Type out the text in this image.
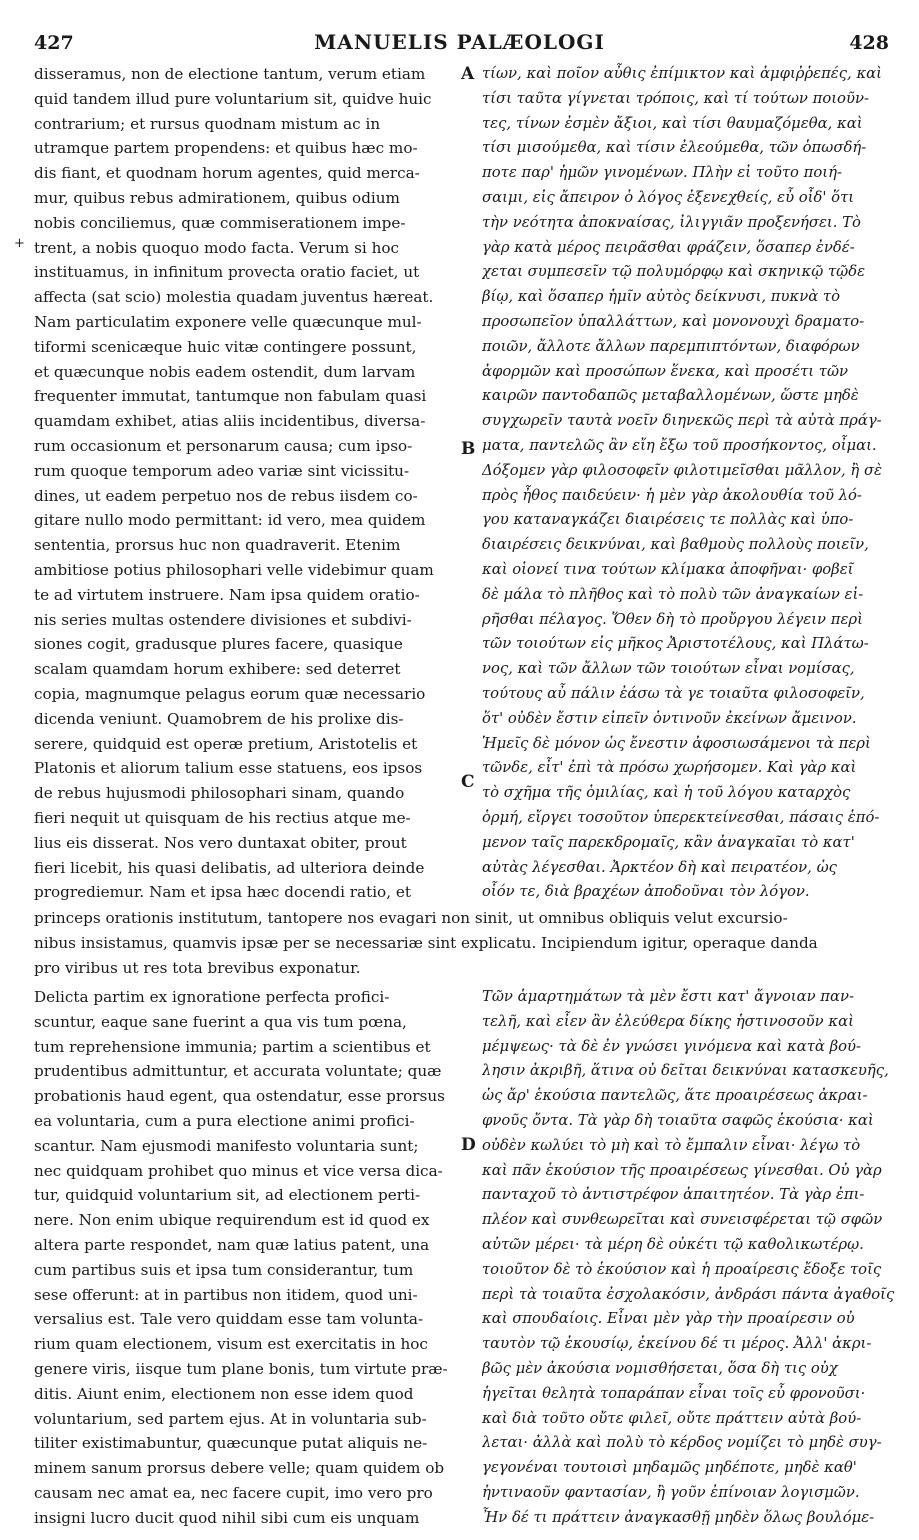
427	MANUELIS PALÆOLOGI	428
disseramus, non de electione tantum, verum etiam
quid tandem illud pure voluntarium sit, quidve huic
contrarium; et rursus quodnam mistum ac in
utramque partem propendens: et quibus hæc mo-
dis fiant, et quodnam horum agentes, quid merca-
mur, quibus rebus admirationem, quibus odium
nobis conciliemus, quæ commiserationem impe-
trent, a nobis quoquo modo facta. Verum si hoc
instituamus, in infinitum provecta oratio faciet, ut
affecta (sat scio) molestia quadam juventus hæreat.
Nam particulatim exponere velle quæcunque mul-
tiformi scenicæque huic vitæ contingere possunt,
et quæcunque nobis eadem ostendit, dum larvam
frequenter immutat, tantumque non fabulam quasi
quamdam exhibet, atias aliis incidentibus, diversa-
rum occasionum et personarum causa; cum ipso-
rum quoque temporum adeo variæ sint vicissitu-
dines, ut eadem perpetuo nos de rebus iisdem co-
gitare nullo modo permittant: id vero, mea quidem
sententia, prorsus huc non quadraverit. Etenim
ambitiose potius philosophari velle videbimur quam
te ad virtutem instruere. Nam ipsa quidem oratio-
nis series multas ostendere divisiones et subdivi-
siones cogit, gradusque plures facere, quasique
scalam quamdam horum exhibere: sed deterret
copia, magnumque pelagus eorum quæ necessario
dicenda veniunt. Quamobrem de his prolixe dis-
serere, quidquid est operæ pretium, Aristotelis et
Platonis et aliorum talium esse statuens, eos ipsos
de rebus hujusmodi philosophari sinam, quando
fieri nequit ut quisquam de his rectius atque me-
lius eis disserat. Nos vero duntaxat obiter, prout
fieri licebit, his quasi delibatis, ad ulteriora deinde
progrediemur. Nam et ipsa hæc docendi ratio, et
τίων, καὶ ποῖον αὖθις ἐπίμικτον καὶ ἀμφιῤῥεπές, καὶ
τίσι ταῦτα γίγνεται τρόποις, καὶ τί τούτων ποιοῦν-
τες, τίνων ἐσμὲν ἄξιοι, καὶ τίσι θαυμαζόμεθα, καὶ
τίσι μισούμεθα, καὶ τίσιν ἐλεούμεθα, τῶν ὁπωσδή-
ποτε παρ' ἡμῶν γινομένων. Πλὴν εἰ τοῦτο ποιή-
σαιμι, εἰς ἄπειρον ὁ λόγος ἐξενεχθείς, εὖ οἶδ' ὅτι
τὴν νεότητα ἀποκναίσας, ἰλιγγιᾶν προξενήσει. Τὸ
γὰρ κατὰ μέρος πειρᾶσθαι φράζειν, ὅσαπερ ἐνδέ-
χεται συμπεσεῖν τῷ πολυμόρφῳ καὶ σκηνικῷ τῷδε
βίῳ, καὶ ὅσαπερ ἡμῖν αὐτὸς δείκνυσι, πυκνὰ τὸ
προσωπεῖον ὑπαλλάττων, καὶ μονονουχὶ δραματο-
ποιῶν, ἄλλοτε ἄλλων παρεμπιπτόντων, διαφόρων
ἀφορμῶν καὶ προσώπων ἕνεκα, καὶ προσέτι τῶν
καιρῶν παντοδαπῶς μεταβαλλομένων, ὥστε μηδὲ
συγχωρεῖν ταυτὰ νοεῖν διηνεκῶς περὶ τὰ αὐτὰ πράγ-
ματα, παντελῶς ἂν εἴη ἔξω τοῦ προσήκοντος, οἶμαι.
Δόξομεν γὰρ φιλοσοφεῖν φιλοτιμεῖσθαι μᾶλλον, ἢ σὲ
πρὸς ἦθος παιδεύειν· ἡ μὲν γὰρ ἀκολουθία τοῦ λό-
γου καταναγκάζει διαιρέσεις τε πολλὰς καὶ ὑπο-
διαιρέσεις δεικνύναι, καὶ βαθμοὺς πολλοὺς ποιεῖν,
καὶ οἱονεί τινα τούτων κλίμακα ἀποφῆναι· φοβεῖ
δὲ μάλα τὸ πλῆθος καὶ τὸ πολὺ τῶν ἀναγκαίων εἰ-
ρῆσθαι πέλαγος. Ὅθεν δὴ τὸ προὔργου λέγειν περὶ
τῶν τοιούτων εἰς μῆκος Ἀριστοτέλους, καὶ Πλάτω-
νος, καὶ τῶν ἄλλων τῶν τοιούτων εἶναι νομίσας,
τούτους αὖ πάλιν ἐάσω τὰ γε τοιαῦτα φιλοσοφεῖν,
ὅτ' οὐδὲν ἔστιν εἰπεῖν ὁντινοῦν ἐκείνων ἄμεινον.
Ἡμεῖς δὲ μόνον ὡς ἔνεστιν ἀφοσιωσάμενοι τὰ περὶ
τῶνδε, εἶτ' ἐπὶ τὰ πρόσω χωρήσομεν. Καὶ γὰρ καὶ
τὸ σχῆμα τῆς ὁμιλίας, καὶ ἡ τοῦ λόγου καταρχὸς
ὁρμή, εἴργει τοσοῦτον ὑπερεκτείνεσθαι, πάσαις ἑπό-
μενον ταῖς παρεκδρομαῖς, κἂν ἀναγκαῖαι τὸ κατ'
αὐτὰς λέγεσθαι. Ἀρκτέον δὴ καὶ πειρατέον, ὡς
οἷόν τε, διὰ βραχέων ἀποδοῦναι τὸν λόγον.
princeps orationis institutum, tantopere nos evagari non sinit, ut omnibus obliquis velut excursio-
nibus insistamus, quamvis ipsæ per se necessariæ sint explicatu. Incipiendum igitur, operaque danda
pro viribus ut res tota brevibus exponatur.
Delicta partim ex ignoratione perfecta profici-
scuntur, eaque sane fuerint a qua vis tum pœna,
tum reprehensione immunia; partim a scientibus et
prudentibus admittuntur, et accurata voluntate; quæ
probationis haud egent, qua ostendatur, esse prorsus
ea voluntaria, cum a pura electione animi profici-
scantur. Nam ejusmodi manifesto voluntaria sunt;
nec quidquam prohibet quo minus et vice versa dica-
tur, quidquid voluntarium sit, ad electionem perti-
nere. Non enim ubique requirendum est id quod ex
altera parte respondet, nam quæ latius patent, una
cum partibus suis et ipsa tum considerantur, tum
sese offerunt: at in partibus non itidem, quod uni-
versalius est. Tale vero quiddam esse tam volunta-
rium quam electionem, visum est exercitatis in hoc
genere viris, iisque tum plane bonis, tum virtute præ-
ditis. Aiunt enim, electionem non esse idem quod
voluntarium, sed partem ejus. At in voluntaria sub-
tiliter existimabuntur, quæcunque putat aliquis ne-
minem sanum prorsus debere velle; quam quidem ob
causam nec amat ea, nec facere cupit, imo vero pro
insigni lucro ducit quod nihil sibi cum eis unquam
Τῶν ἁμαρτημάτων τὰ μὲν ἔστι κατ' ἄγνοιαν παν-
τελῆ, καὶ εἶεν ἂν ἐλεύθερα δίκης ἡστινοσοῦν καὶ
μέμψεως· τὰ δὲ ἐν γνώσει γινόμενα καὶ κατὰ βού-
λησιν ἀκριβῆ, ἅτινα οὐ δεῖται δεικνύναι κατασκευῆς,
ὡς ἄρ' ἑκούσια παντελῶς, ἅτε προαιρέσεως ἀκραι-
φνοῦς ὄντα. Τὰ γὰρ δὴ τοιαῦτα σαφῶς ἑκούσια· καὶ
οὐδὲν κωλύει τὸ μὴ καὶ τὸ ἔμπαλιν εἶναι· λέγω τὸ
καὶ πᾶν ἑκούσιον τῆς προαιρέσεως γίνεσθαι. Οὐ γὰρ
πανταχοῦ τὸ ἀντιστρέφον ἀπαιτητέον. Τὰ γὰρ ἐπι-
πλέον καὶ συνθεωρεῖται καὶ συνεισφέρεται τῷ σφῶν
αὐτῶν μέρει· τὰ μέρη δὲ οὐκέτι τῷ καθολικωτέρῳ.
τοιοῦτον δὲ τὸ ἑκούσιον καὶ ἡ προαίρεσις ἔδοξε τοῖς
περὶ τὰ τοιαῦτα ἐσχολακόσιν, ἀνδράσι πάντα ἀγαθοῖς
καὶ σπουδαίοις. Εἶναι μὲν γὰρ τὴν προαίρεσιν οὐ
ταυτὸν τῷ ἑκουσίῳ, ἐκείνου δέ τι μέρος. Ἀλλ' ἀκρι-
βῶς μὲν ἀκούσια νομισθήσεται, ὅσα δὴ τις οὐχ
ἡγεῖται θελητὰ τοπαράπαν εἶναι τοῖς εὖ φρονοῦσι·
καὶ διὰ τοῦτο οὔτε φιλεῖ, οὔτε πράττειν αὐτὰ βού-
λεται· ἀλλὰ καὶ πολὺ τὸ κέρδος νομίζει τὸ μηδὲ συγ-
γεγονέναι τουτοισὶ μηδαμῶς μηδέποτε, μηδὲ καθ'
ἡντιναοῦν φαντασίαν, ἢ γοῦν ἐπίνοιαν λογισμῶν.
Ἦν δέ τι πράττειν ἀναγκασθῇ μηδὲν ὅλως βουλόμε-
A
B
C
D
+
